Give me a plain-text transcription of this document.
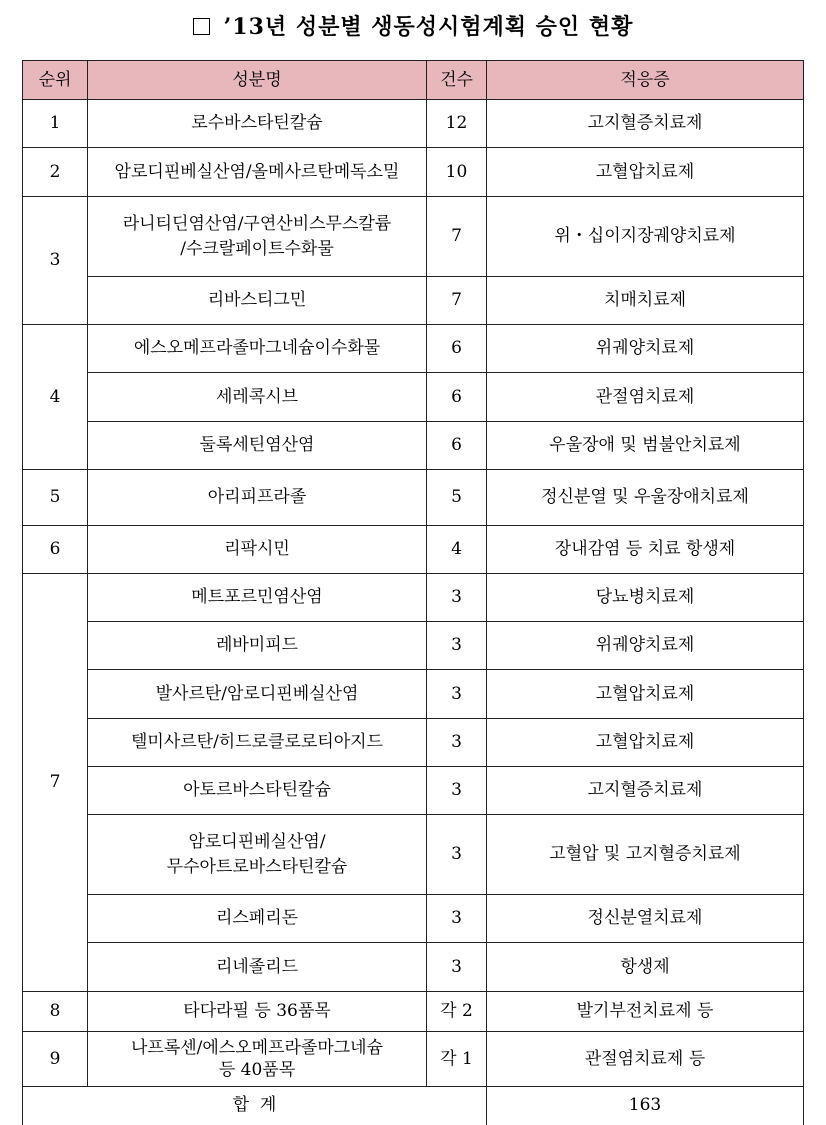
’13년 성분별 생동성시험계획 승인 현황
순위	성분명	건수	적응증
1	로수바스타틴칼슘	12	고지혈증치료제
2	암로디핀베실산염/올메사르탄메독소밀	10	고혈압치료제
3	라니티딘염산염/구연산비스무스칼륨
/수크랄페이트수화물	7	위・십이지장궤양치료제
	리바스티그민	7	치매치료제
4	에스오메프라졸마그네슘이수화물	6	위궤양치료제
	세레콕시브	6	관절염치료제
	둘록세틴염산염	6	우울장애 및 범불안치료제
5	아리피프라졸	5	정신분열 및 우울장애치료제
6	리팍시민	4	장내감염 등 치료 항생제
7	메트포르민염산염	3	당뇨병치료제
	레바미피드	3	위궤양치료제
	발사르탄/암로디핀베실산염	3	고혈압치료제
	텔미사르탄/히드로클로로티아지드	3	고혈압치료제
	아토르바스타틴칼슘	3	고지혈증치료제
	암로디핀베실산염/
무수아트로바스타틴칼슘	3	고혈압 및 고지혈증치료제
	리스페리돈	3	정신분열치료제
	리네졸리드	3	항생제
8	타다라필 등 36품목	각 2	발기부전치료제 등
9	나프록센/에스오메프라졸마그네슘
등 40품목	각 1	관절염치료제 등
합  계			163
